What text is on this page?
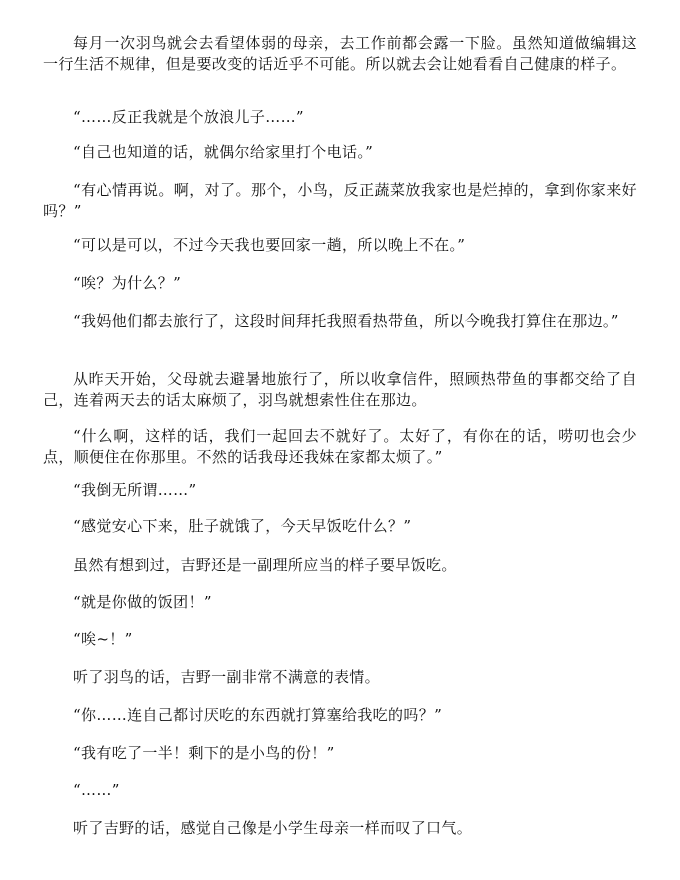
每月一次羽鸟就会去看望体弱的母亲，去工作前都会露一下脸。虽然知道做编辑这一行生活不规律，但是要改变的话近乎不可能。所以就去会让她看看自己健康的样子。

“……反正我就是个放浪儿子……”

“自己也知道的话，就偶尔给家里打个电话。”

“有心情再说。啊，对了。那个，小鸟，反正蔬菜放我家也是烂掉的，拿到你家来好吗？”

“可以是可以，不过今天我也要回家一趟，所以晚上不在。”

“唉？为什么？”

“我妈他们都去旅行了，这段时间拜托我照看热带鱼，所以今晚我打算住在那边。”

从昨天开始，父母就去避暑地旅行了，所以收拿信件，照顾热带鱼的事都交给了自己，连着两天去的话太麻烦了，羽鸟就想索性住在那边。

“什么啊，这样的话，我们一起回去不就好了。太好了，有你在的话，唠叨也会少点，顺便住在你那里。不然的话我母还我妹在家都太烦了。”

“我倒无所谓……”

“感觉安心下来，肚子就饿了，今天早饭吃什么？”

虽然有想到过，吉野还是一副理所应当的样子要早饭吃。

“就是你做的饭团！”

“唉~！”

听了羽鸟的话，吉野一副非常不满意的表情。

“你……连自己都讨厌吃的东西就打算塞给我吃的吗？”

“我有吃了一半！剩下的是小鸟的份！”

“……”

听了吉野的话，感觉自己像是小学生母亲一样而叹了口气。
